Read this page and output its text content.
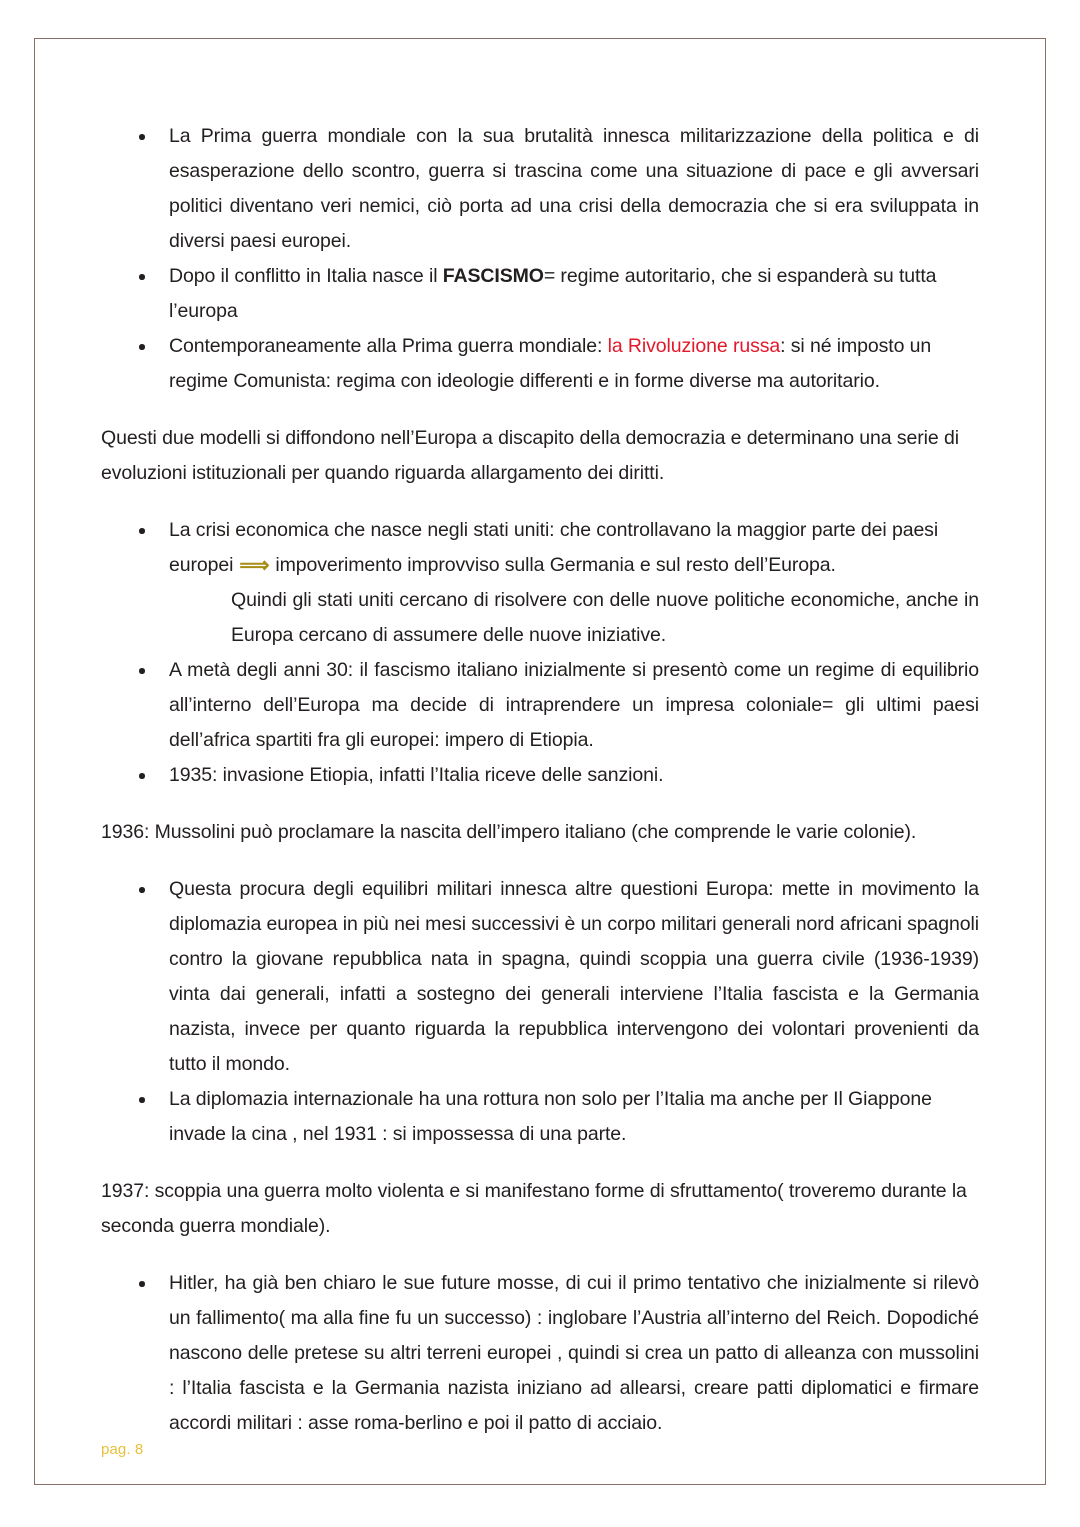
La Prima guerra mondiale con la sua brutalità innesca militarizzazione della politica e di esasperazione dello scontro, guerra si trascina come una situazione di pace e gli avversari politici diventano veri nemici, ciò porta ad una crisi della democrazia che si era sviluppata in diversi paesi europei.
Dopo il conflitto in Italia nasce il FASCISMO= regime autoritario, che si espanderà su tutta l’europa
Contemporaneamente alla Prima guerra mondiale: la Rivoluzione russa: si né imposto un regime Comunista: regima con ideologie differenti e in forme diverse ma autoritario.

Questi due modelli si diffondono nell’Europa a discapito della democrazia e determinano una serie di evoluzioni istituzionali per quando riguarda allargamento dei diritti.

La crisi economica che nasce negli stati uniti: che controllavano la maggior parte dei paesi europei ⟹ impoverimento improvviso sulla Germania e sul resto dell’Europa.
Quindi gli stati uniti cercano di risolvere con delle nuove politiche economiche, anche in Europa cercano di assumere delle nuove iniziative.
A metà degli anni 30: il fascismo italiano inizialmente si presentò come un regime di equilibrio all’interno dell’Europa ma decide di intraprendere un impresa coloniale= gli ultimi paesi dell’africa spartiti fra gli europei: impero di Etiopia.
1935: invasione Etiopia, infatti l’Italia riceve delle sanzioni.

1936: Mussolini può proclamare la nascita dell’impero italiano (che comprende le varie colonie).

Questa procura degli equilibri militari innesca altre questioni Europa: mette in movimento la diplomazia europea in più nei mesi successivi è un corpo militari generali nord africani spagnoli contro la giovane repubblica nata in spagna, quindi scoppia una guerra civile (1936-1939) vinta dai generali, infatti a sostegno dei generali interviene l’Italia fascista e la Germania nazista, invece per quanto riguarda la repubblica intervengono dei volontari provenienti da tutto il mondo.
La diplomazia internazionale ha una rottura non solo per l’Italia ma anche per Il Giappone invade la cina , nel 1931 : si impossessa di una parte.

1937: scoppia una guerra molto violenta e si manifestano forme di sfruttamento( troveremo durante la seconda guerra mondiale).

Hitler, ha già ben chiaro le sue future mosse, di cui il primo tentativo che inizialmente si rilevò un fallimento( ma alla fine fu un successo) : inglobare l’Austria all’interno del Reich. Dopodiché nascono delle pretese su altri terreni europei , quindi si crea un patto di alleanza con mussolini : l’Italia fascista e la Germania nazista iniziano ad allearsi, creare patti diplomatici e firmare accordi militari : asse roma-berlino e poi il patto di acciaio.
pag. 8
